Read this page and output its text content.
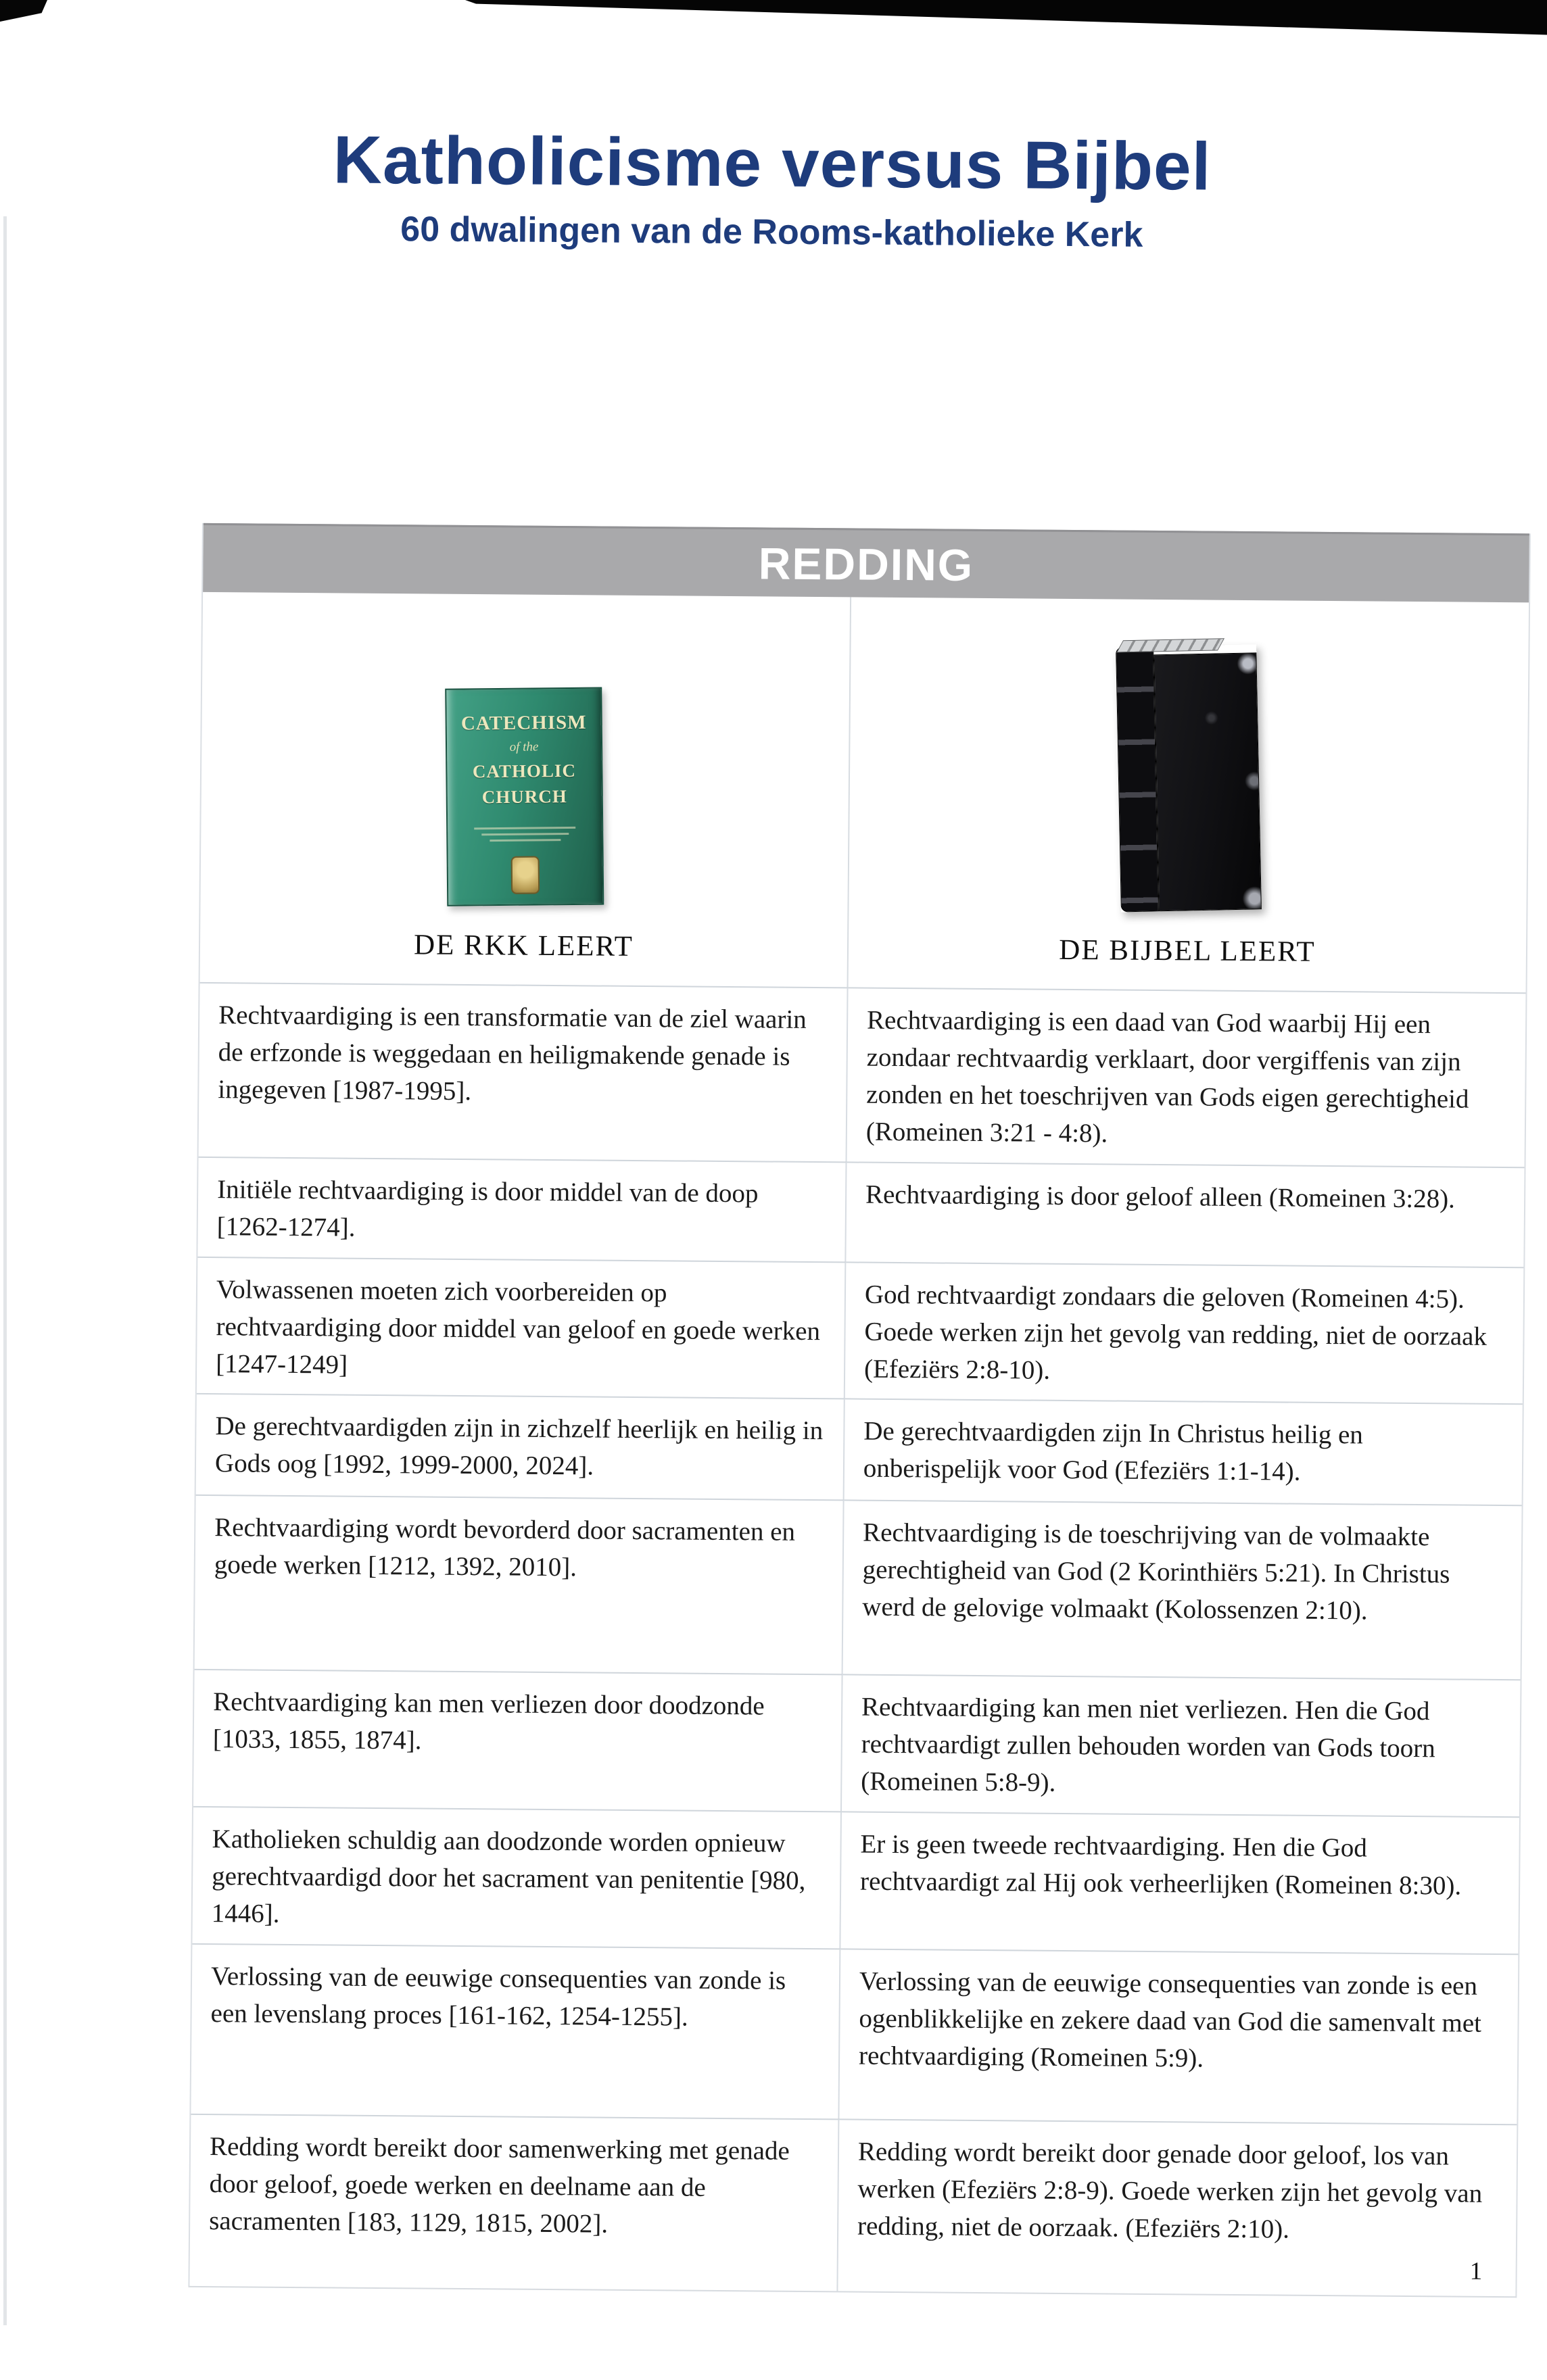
Katholicisme versus Bijbel
60 dwalingen van de Rooms-katholieke Kerk
REDDING
CATECHISM
of the
CATHOLIC
CHURCH
DE RKK LEERT	DE BIJBEL LEERT
Rechtvaardiging is een transformatie van de ziel waarin de erfzonde is weggedaan en heiligmakende genade is ingegeven [1987-1995].
Rechtvaardiging is een daad van God waarbij Hij een zondaar rechtvaardig verklaart, door vergiffenis van zijn zonden en het toeschrijven van Gods eigen gerechtigheid (Romeinen 3:21 - 4:8).
Initiële rechtvaardiging is door middel van de doop [1262-1274].
Rechtvaardiging is door geloof alleen (Romeinen 3:28).
Volwassenen moeten zich voorbereiden op rechtvaardiging door middel van geloof en goede werken [1247-1249]
God rechtvaardigt zondaars die geloven (Romeinen 4:5). Goede werken zijn het gevolg van redding, niet de oorzaak (Efeziërs 2:8-10).
De gerechtvaardigden zijn in zichzelf heerlijk en heilig in Gods oog [1992, 1999-2000, 2024].
De gerechtvaardigden zijn In Christus heilig en onberispelijk voor God (Efeziërs 1:1-14).
Rechtvaardiging wordt bevorderd door sacramenten en goede werken [1212, 1392, 2010].
Rechtvaardiging is de toeschrijving van de volmaakte gerechtigheid van God (2 Korinthiërs 5:21). In Christus werd de gelovige volmaakt (Kolossenzen 2:10).
Rechtvaardiging kan men verliezen door doodzonde [1033, 1855, 1874].
Rechtvaardiging kan men niet verliezen. Hen die God rechtvaardigt zullen behouden worden van Gods toorn (Romeinen 5:8-9).
Katholieken schuldig aan doodzonde worden opnieuw gerechtvaardigd door het sacrament van penitentie [980, 1446].
Er is geen tweede rechtvaardiging. Hen die God rechtvaardigt zal Hij ook verheerlijken (Romeinen 8:30).
Verlossing van de eeuwige consequenties van zonde is een levenslang proces [161-162, 1254-1255].
Verlossing van de eeuwige consequenties van zonde is een ogenblikkelijke en zekere daad van God die samenvalt met rechtvaardiging (Romeinen 5:9).
Redding wordt bereikt door samenwerking met genade door geloof, goede werken en deelname aan de sacramenten [183, 1129, 1815, 2002].
Redding wordt bereikt door genade door geloof, los van werken (Efeziërs 2:8-9). Goede werken zijn het gevolg van redding, niet de oorzaak. (Efeziërs 2:10).
1
